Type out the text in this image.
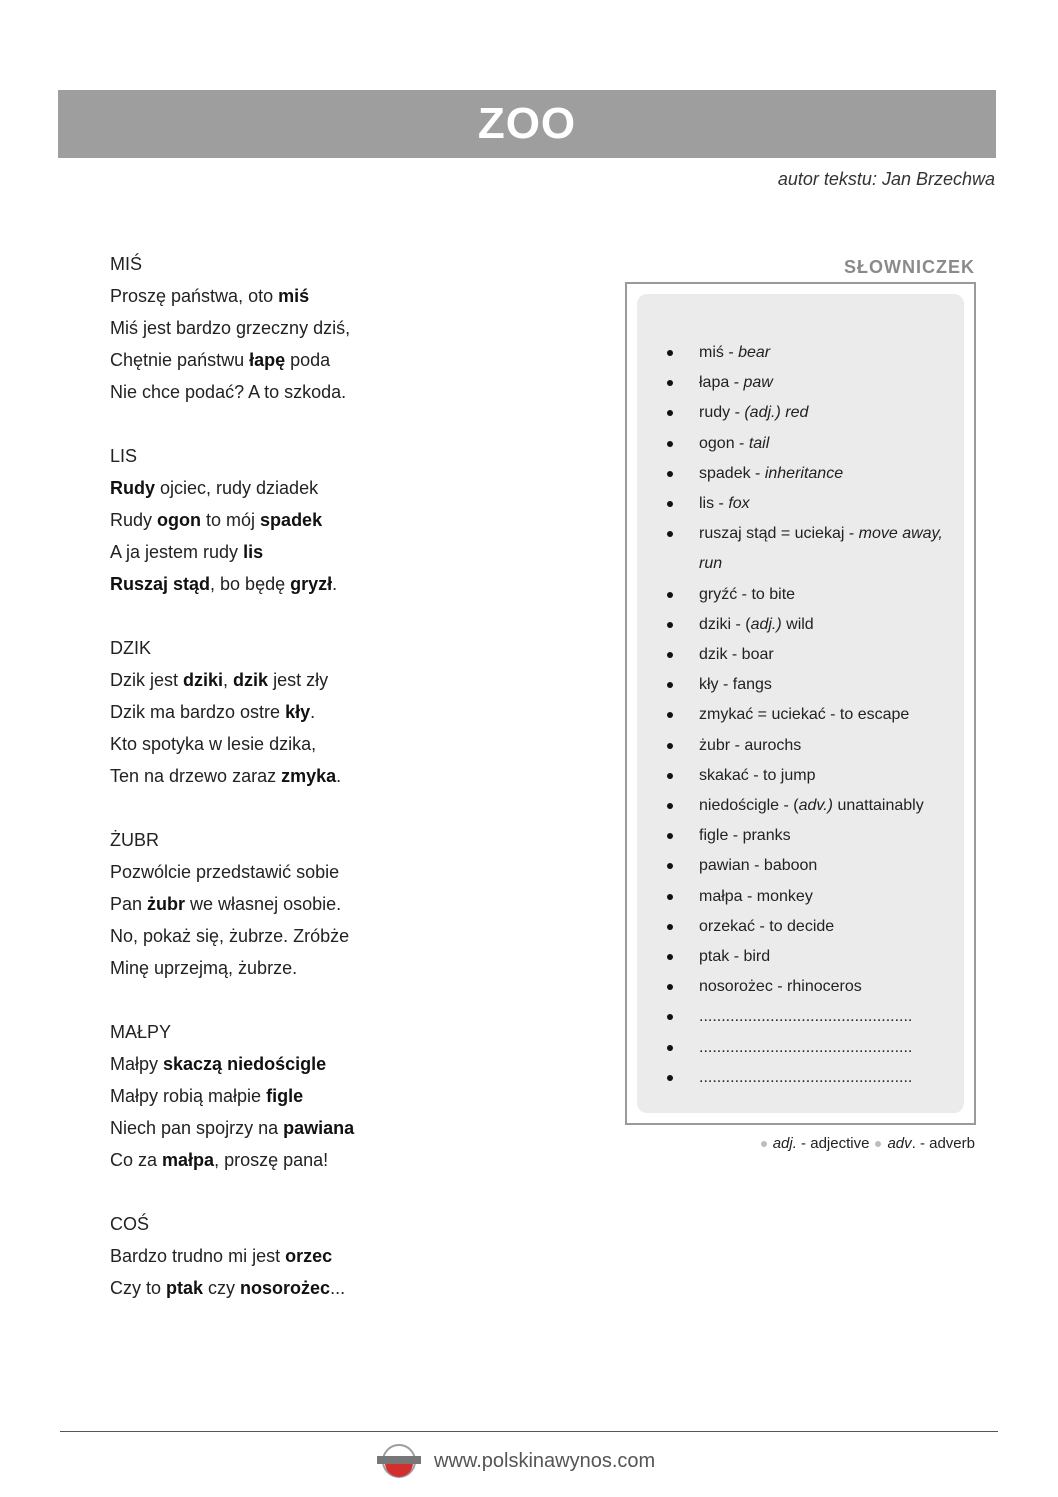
ZOO
autor tekstu: Jan Brzechwa
MIŚ
Proszę państwa, oto miś
Miś jest bardzo grzeczny dziś,
Chętnie państwu łapę poda
Nie chce podać? A to szkoda.
LIS
Rudy ojciec, rudy dziadek
Rudy ogon to mój spadek
A ja jestem rudy lis
Ruszaj stąd, bo będę gryzł.
DZIK
Dzik jest dziki, dzik jest zły
Dzik ma bardzo ostre kły.
Kto spotyka w lesie dzika,
Ten na drzewo zaraz zmyka.
ŻUBR
Pozwólcie przedstawić sobie
Pan żubr we własnej osobie.
No, pokaż się, żubrze. Zróbże
Minę uprzejmą, żubrze.
MAŁPY
Małpy skaczą niedościgle
Małpy robią małpie figle
Niech pan spojrzy na pawiana
Co za małpa, proszę pana!
COŚ
Bardzo trudno mi jest orzec
Czy to ptak czy nosorożec...
SŁOWNICZEK
miś - bear
łapa - paw
rudy - (adj.) red
ogon - tail
spadek - inheritance
lis - fox
ruszaj stąd = uciekaj - move away, run
gryźć - to bite
dziki - (adj.) wild
dzik - boar
kły - fangs
zmykać = uciekać - to escape
żubr - aurochs
skakać - to jump
niedościgle - (adv.) unattainably
figle - pranks
pawian - baboon
małpa - monkey
orzekać - to decide
ptak - bird
nosorożec - rhinoceros
................................................
................................................
................................................
adj. - adjective adv. - adverb
www.polskinawynos.com
